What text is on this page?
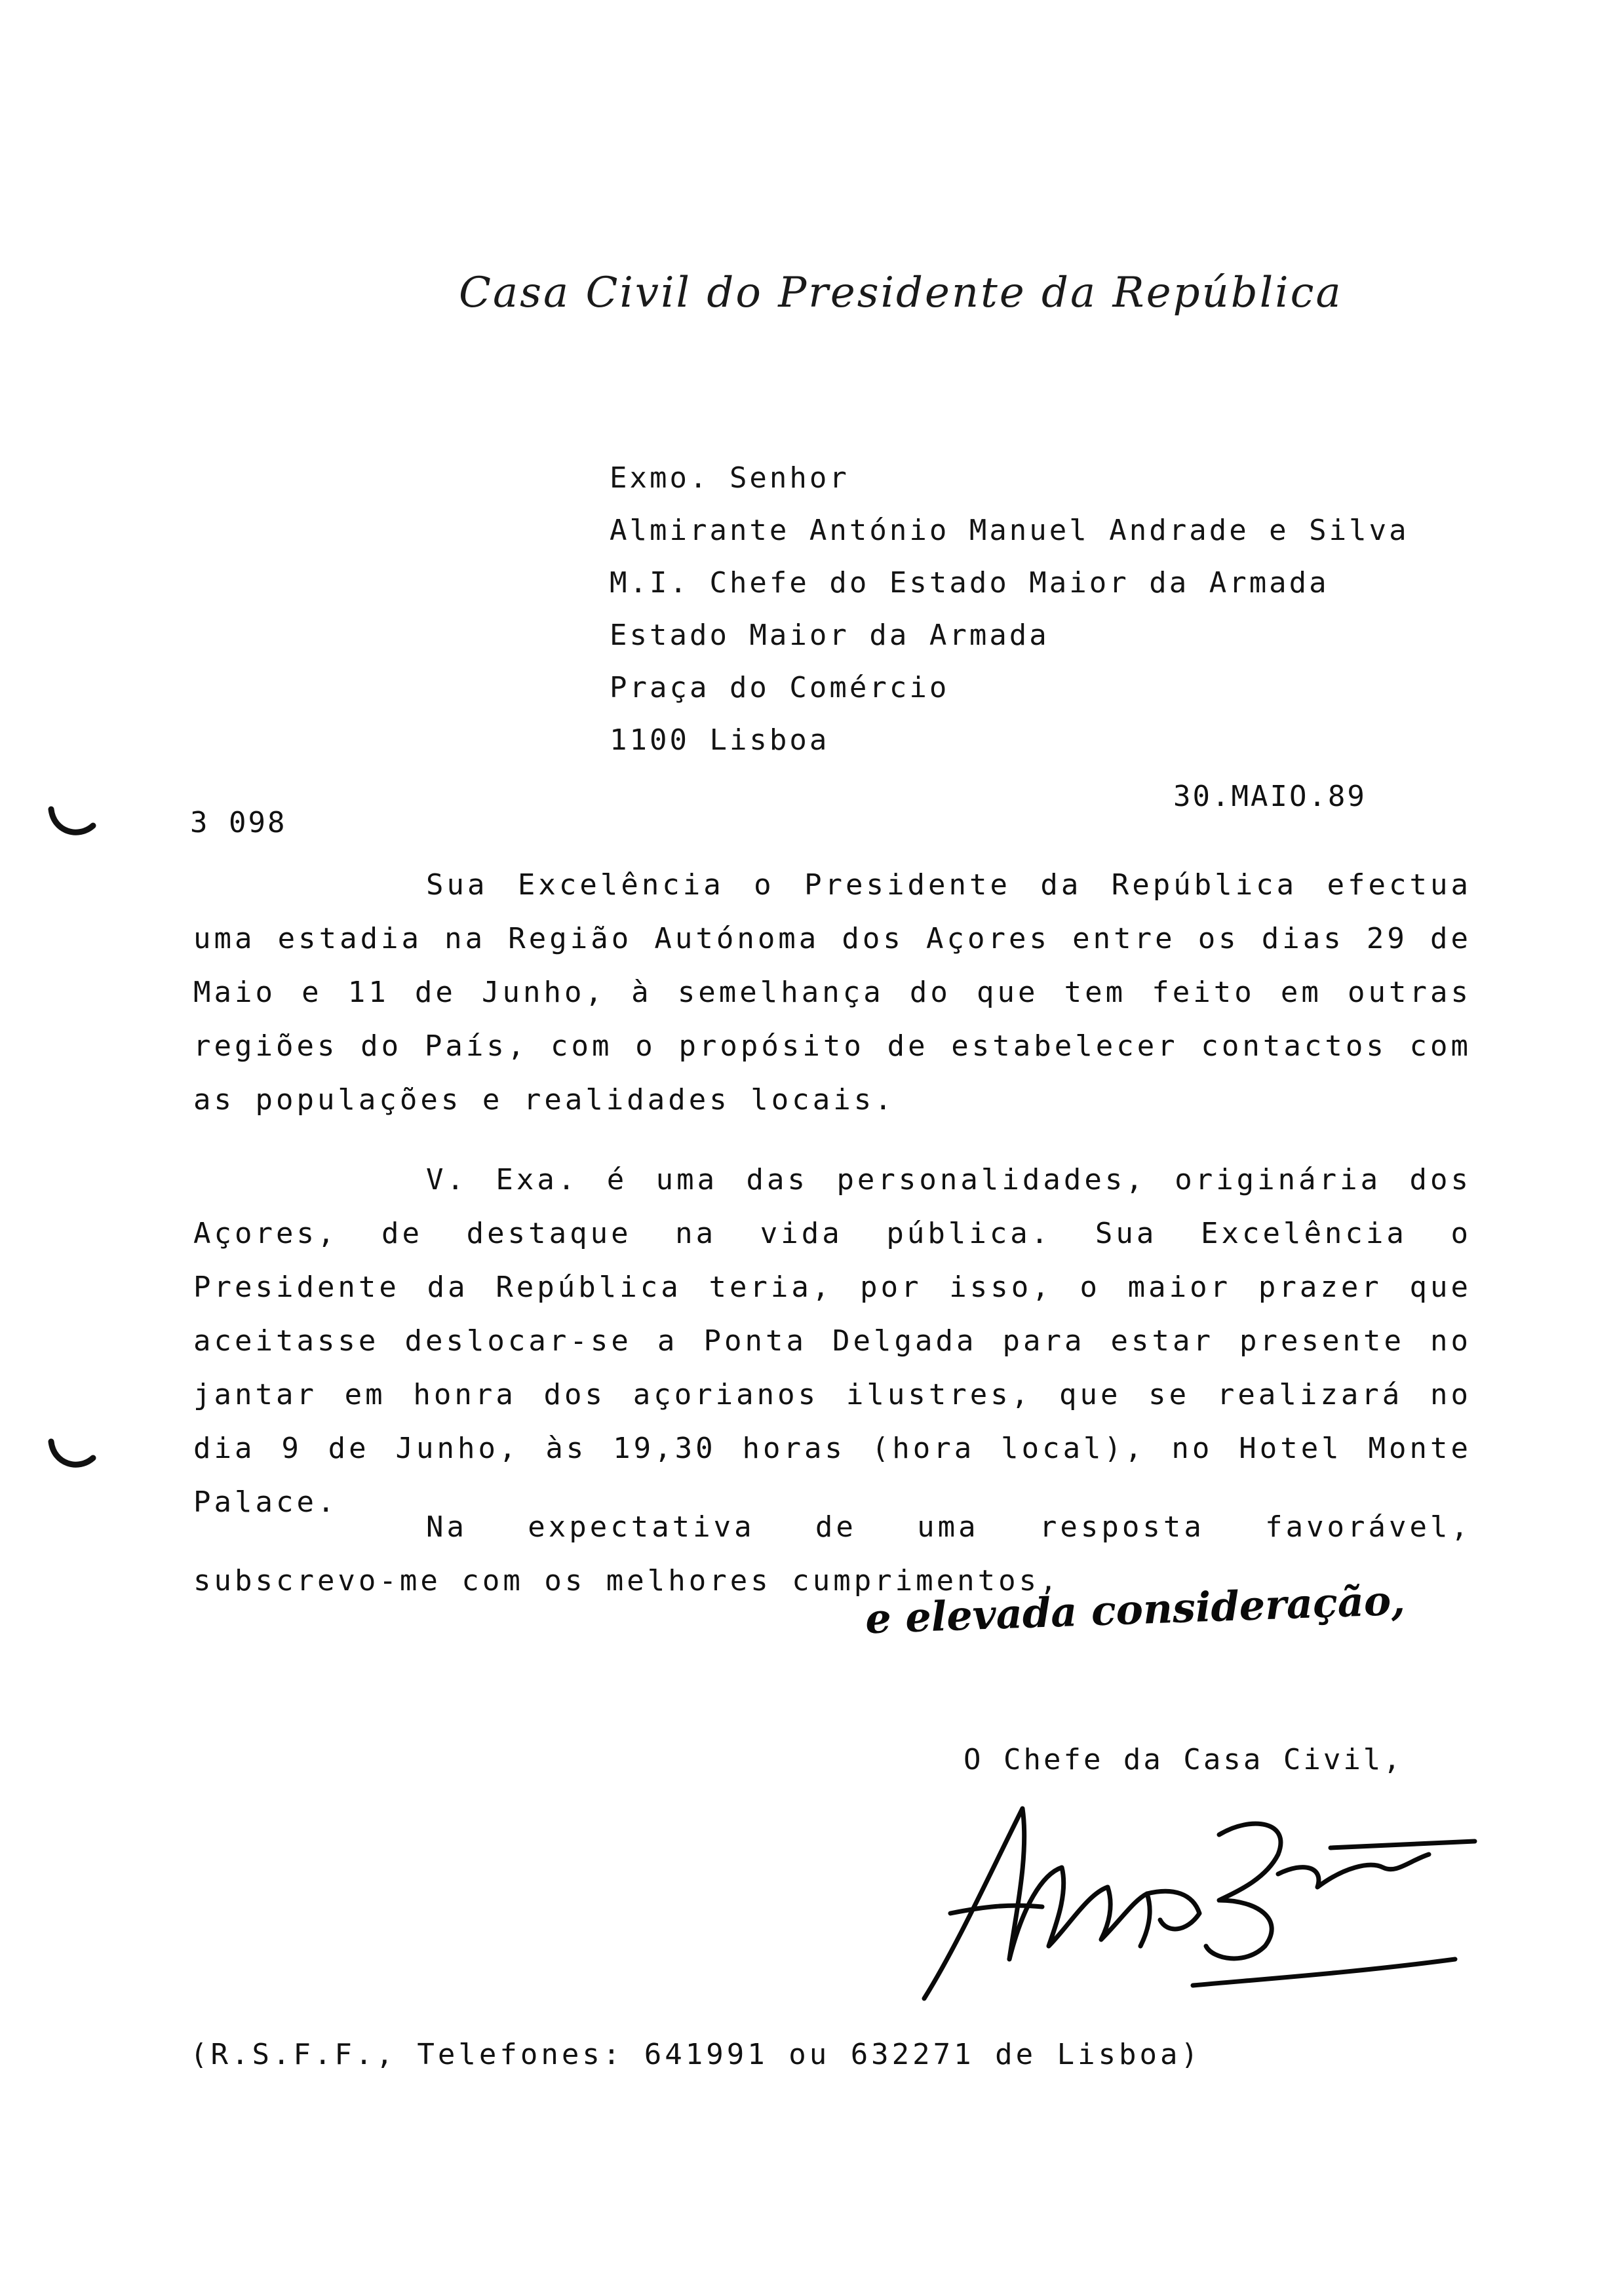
Casa Civil do Presidente da República
Exmo. Senhor
Almirante António Manuel Andrade e Silva
M.I. Chefe do Estado Maior da Armada
Estado Maior da Armada
Praça do Comércio
1100 Lisboa
30.MAIO.89
3 098
Sua Excelência o Presidente da República efectua uma estadia na Região Autónoma dos Açores entre os dias 29 de Maio e 11 de Junho, à semelhança do que tem feito em outras regiões do País, com o propósito de estabelecer contactos com as populações e realidades locais.
V. Exa. é uma das personalidades, originária dos Açores, de destaque na vida pública. Sua Excelência o Presidente da República teria, por isso, o maior prazer que aceitasse deslocar-se a Ponta Delgada para estar presente no jantar em honra dos açorianos ilustres, que se realizará no dia 9 de Junho, às 19,30 horas (hora local), no Hotel Monte Palace.
Na expectativa de uma resposta favorável, subscrevo-me com os melhores cumprimentos,
e elevada consideração,
O Chefe da Casa Civil,
(R.S.F.F., Telefones: 641991 ou 632271 de Lisboa)
